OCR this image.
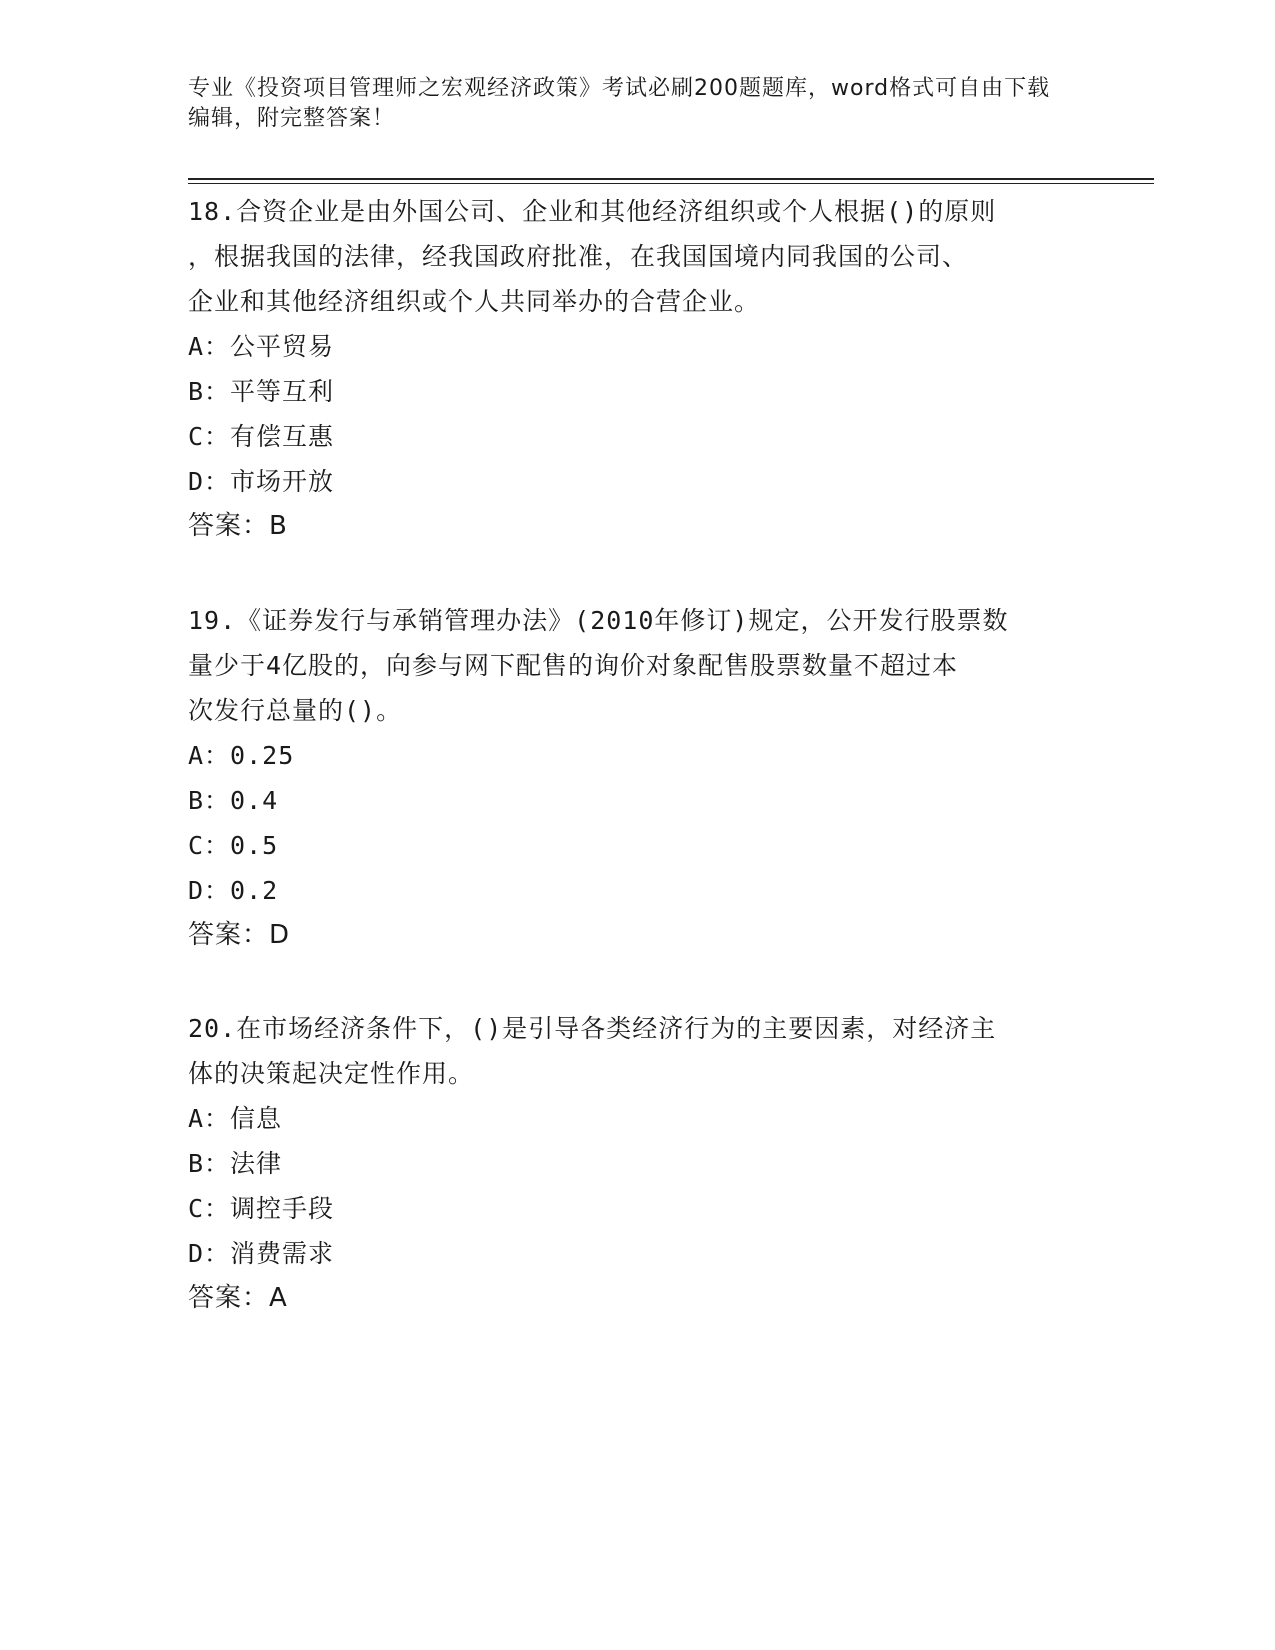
专业《投资项目管理师之宏观经济政策》考试必刷200题题库，word格式可自由下载编辑，附完整答案！

18.合资企业是由外国公司、企业和其他经济组织或个人根据()的原则

，根据我国的法律，经我国政府批准，在我国国境内同我国的公司、

企业和其他经济组织或个人共同举办的合营企业。

A：公平贸易

B：平等互利

C：有偿互惠

D：市场开放

答案：B

19.《证券发行与承销管理办法》(2010年修订)规定，公开发行股票数

量少于4亿股的，向参与网下配售的询价对象配售股票数量不超过本

次发行总量的()。

A：0.25

B：0.4

C：0.5

D：0.2

答案：D

20.在市场经济条件下，()是引导各类经济行为的主要因素，对经济主

体的决策起决定性作用。

A：信息

B：法律

C：调控手段

D：消费需求

答案：A
